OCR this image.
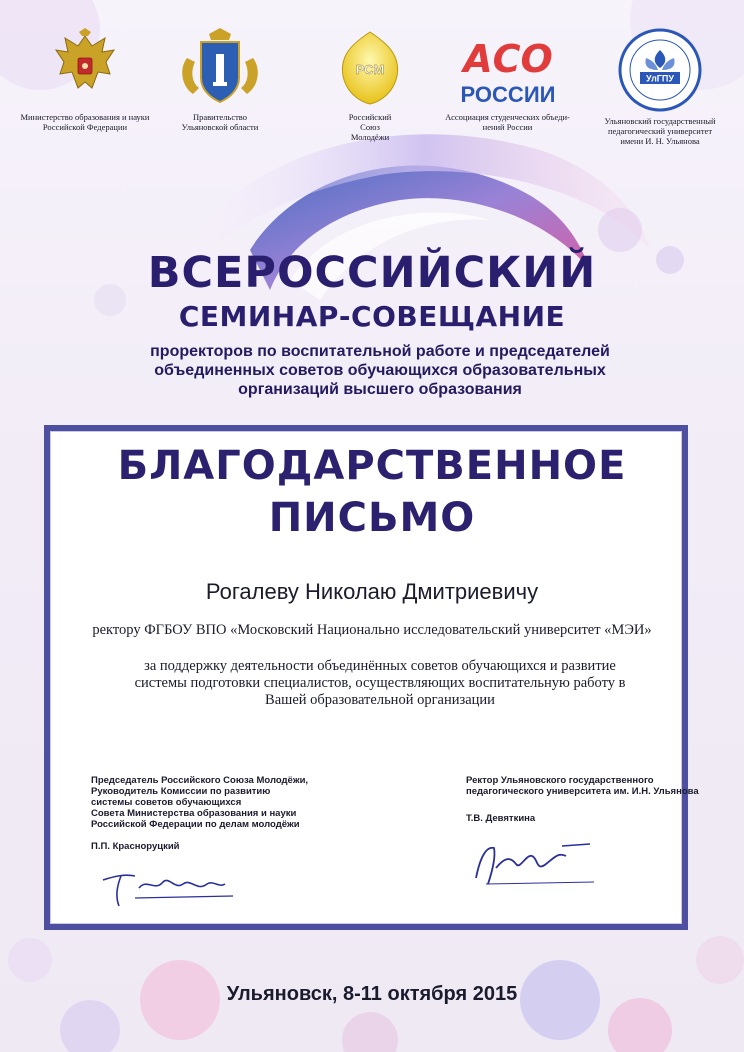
Министерство образования и науки
Российской Федерации
Правительство
Ульяновской области
РСМ
Российский
Союз
Молодёжи
АСО
РОССИИ
Ассоциация студенческих объеди-
нений России
УлГПУ
Ульяновский государственный
педагогический университет
имени И. Н. Ульянова
ВСЕРОССИЙСКИЙ
СЕМИНАР-СОВЕЩАНИЕ
проректоров по воспитательной работе и председателей объединенных советов обучающихся образовательных организаций высшего образования
БЛАГОДАРСТВЕННОЕ
ПИСЬМО
Рогалеву Николаю Дмитриевичу
ректору ФГБОУ ВПО «Московский Национально исследовательский университет «МЭИ»
за поддержку деятельности объединённых советов обучающихся и развитие системы подготовки специалистов, осуществляющих воспитательную работу в Вашей образовательной организации
Председатель Российского Союза Молодёжи,
Руководитель Комиссии по развитию
системы советов обучающихся
Совета Министерства образования и науки
Российской Федерации по делам молодёжи
П.П. Красноруцкий
Ректор Ульяновского государственного
педагогического университета им. И.Н. Ульянова
Т.В. Девяткина
Ульяновск, 8-11 октября 2015
